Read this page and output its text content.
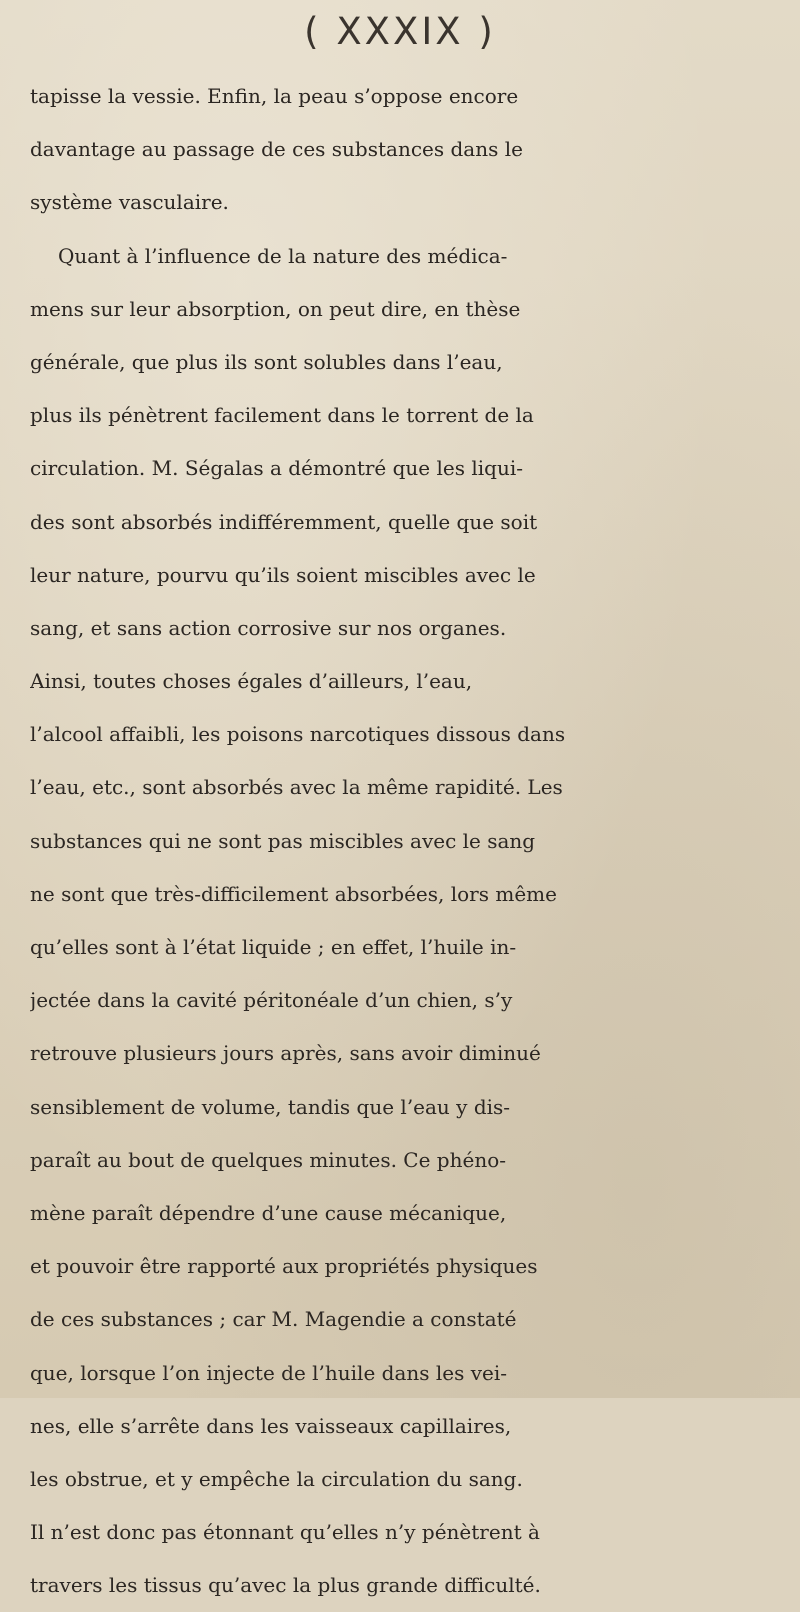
( XXXIX )
tapisse la vessie. Enfin, la peau s’oppose encore
davantage au passage de ces substances dans le
système vasculaire.
Quant à l’influence de la nature des médica-
mens sur leur absorption, on peut dire, en thèse
générale, que plus ils sont solubles dans l’eau,
plus ils pénètrent facilement dans le torrent de la
circulation. M. Ségalas a démontré que les liqui-
des sont absorbés indifféremment, quelle que soit
leur nature, pourvu qu’ils soient miscibles avec le
sang, et sans action corrosive sur nos organes.
Ainsi, toutes choses égales d’ailleurs, l’eau,
l’alcool affaibli, les poisons narcotiques dissous dans
l’eau, etc., sont absorbés avec la même rapidité. Les
substances qui ne sont pas miscibles avec le sang
ne sont que très-difficilement absorbées, lors même
qu’elles sont à l’état liquide ; en effet, l’huile in-
jectée dans la cavité péritonéale d’un chien, s’y
retrouve plusieurs jours après, sans avoir diminué
sensiblement de volume, tandis que l’eau y dis-
paraît au bout de quelques minutes. Ce phéno-
mène paraît dépendre d’une cause mécanique,
et pouvoir être rapporté aux propriétés physiques
de ces substances ; car M. Magendie a constaté
que, lorsque l’on injecte de l’huile dans les vei-
nes, elle s’arrête dans les vaisseaux capillaires,
les obstrue, et y empêche la circulation du sang.
Il n’est donc pas étonnant qu’elles n’y pénètrent à
travers les tissus qu’avec la plus grande difficulté.
